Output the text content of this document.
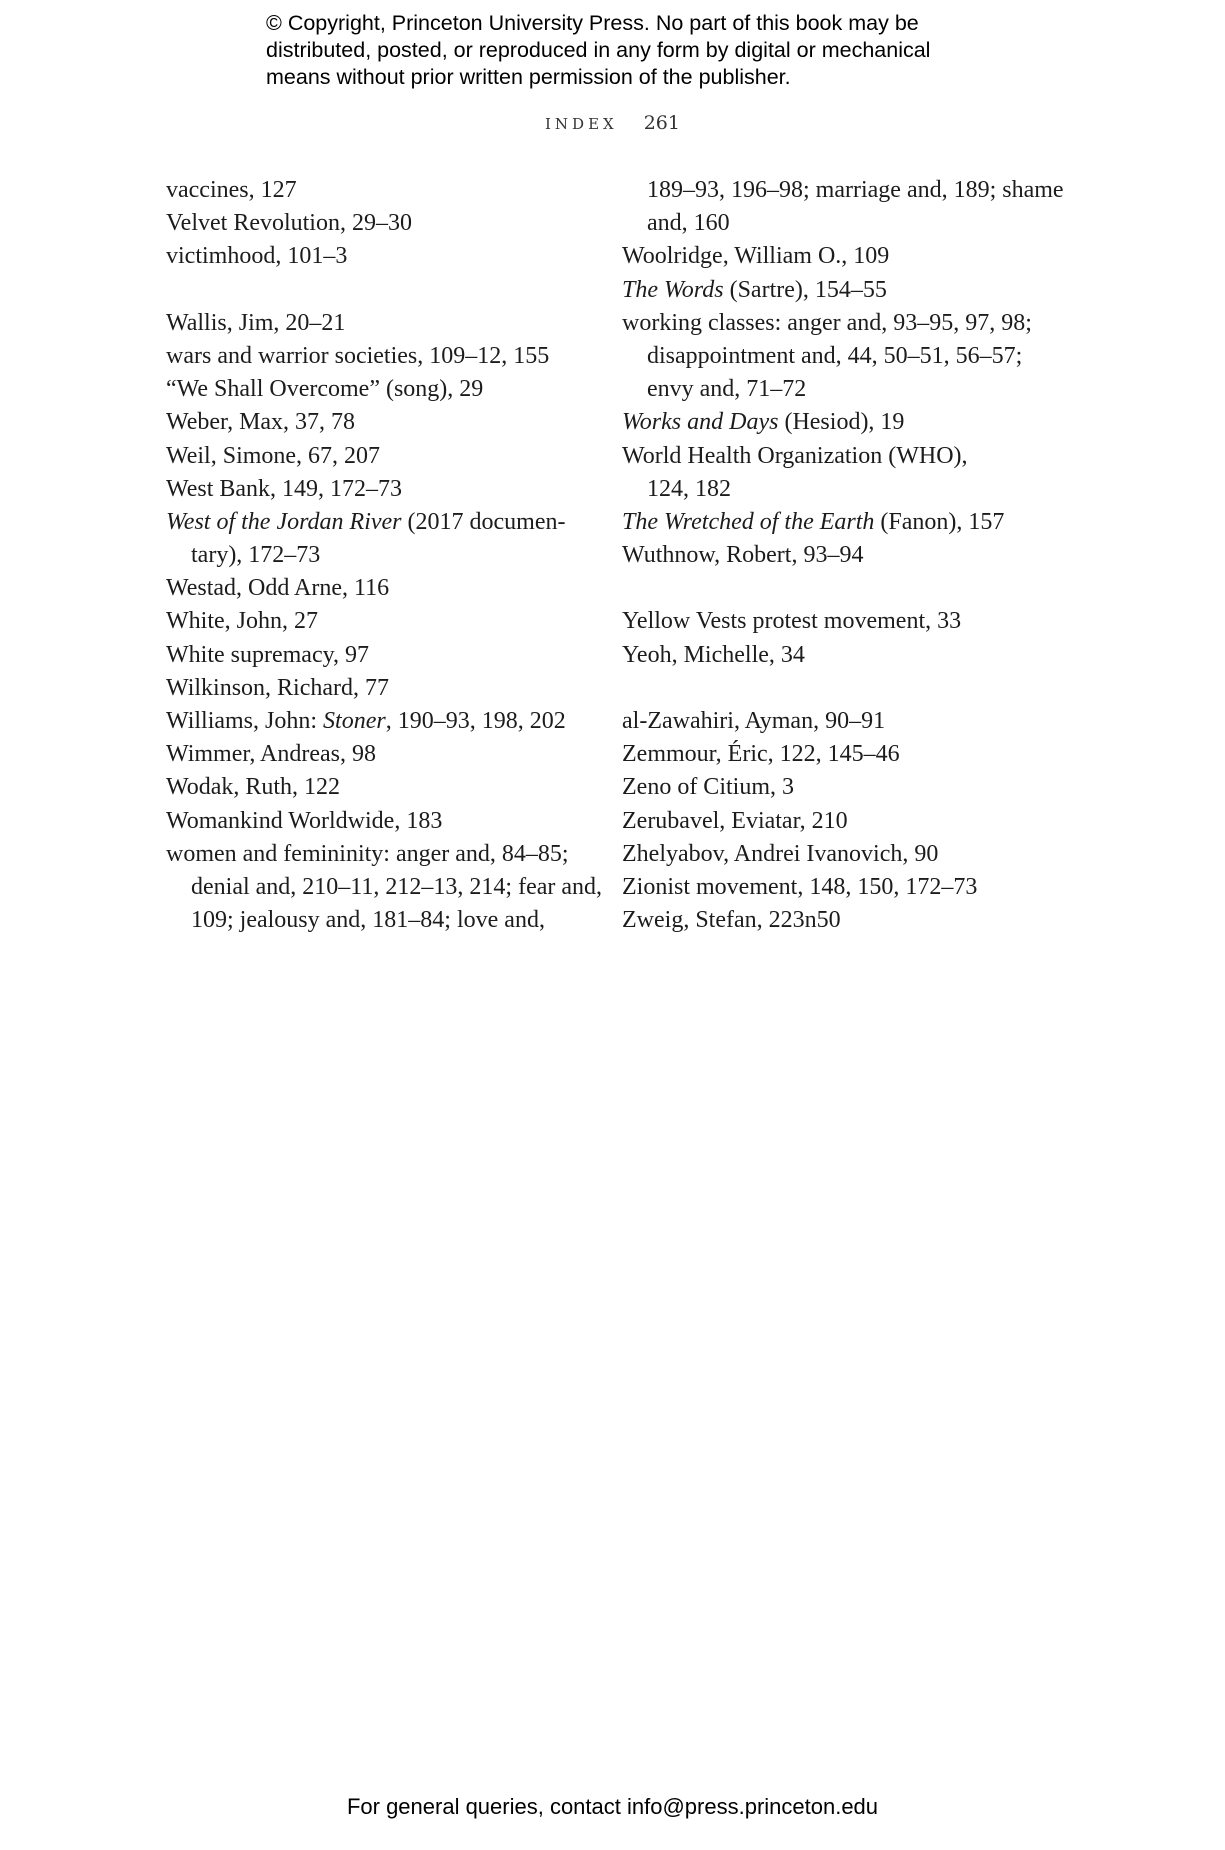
© Copyright, Princeton University Press. No part of this book may be
distributed, posted, or reproduced in any form by digital or mechanical
means without prior written permission of the publisher.
INDEX 261
vaccines, 127
Velvet Revolution, 29–30
victimhood, 101–3
Wallis, Jim, 20–21
wars and warrior societies, 109–12, 155
“We Shall Overcome” (song), 29
Weber, Max, 37, 78
Weil, Simone, 67, 207
West Bank, 149, 172–73
West of the Jordan River (2017 documen-
tary), 172–73
Westad, Odd Arne, 116
White, John, 27
White supremacy, 97
Wilkinson, Richard, 77
Williams, John: Stoner, 190–93, 198, 202
Wimmer, Andreas, 98
Wodak, Ruth, 122
Womankind Worldwide, 183
women and femininity: anger and, 84–85;
denial and, 210–11, 212–13, 214; fear and,
109; jealousy and, 181–84; love and,
189–93, 196–98; marriage and, 189; shame
and, 160
Woolridge, William O., 109
The Words (Sartre), 154–55
working classes: anger and, 93–95, 97, 98;
disappointment and, 44, 50–51, 56–57;
envy and, 71–72
Works and Days (Hesiod), 19
World Health Organization (WHO),
124, 182
The Wretched of the Earth (Fanon), 157
Wuthnow, Robert, 93–94
Yellow Vests protest movement, 33
Yeoh, Michelle, 34
al-Zawahiri, Ayman, 90–91
Zemmour, Éric, 122, 145–46
Zeno of Citium, 3
Zerubavel, Eviatar, 210
Zhelyabov, Andrei Ivanovich, 90
Zionist movement, 148, 150, 172–73
Zweig, Stefan, 223n50
For general queries, contact info@press.princeton.edu
